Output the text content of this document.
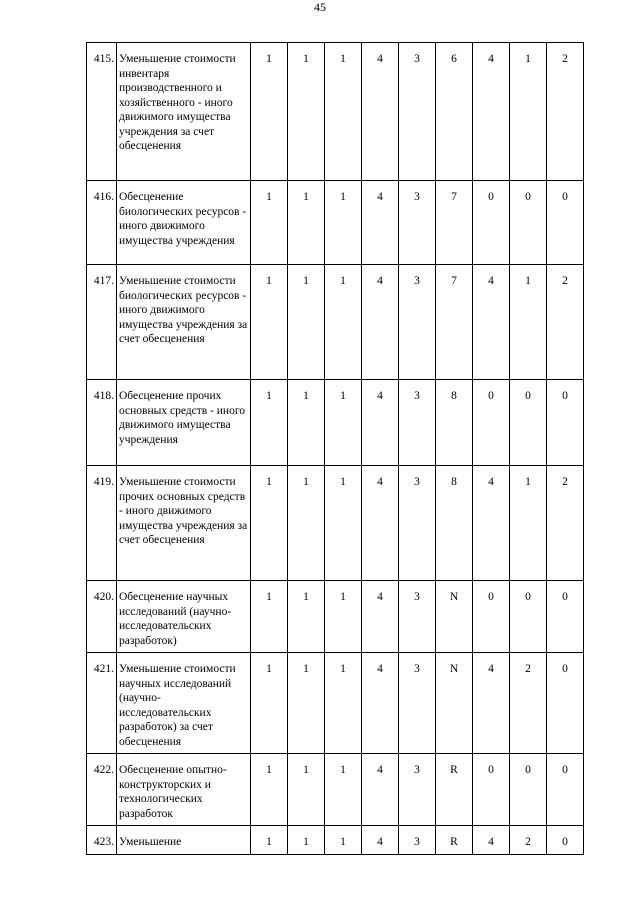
45
415.	Уменьшение стоимости инвентаря производственного и хозяйственного - иного движимого имущества учреждения за счет обесценения	1	1	1	4	3	6	4	1	2
416.	Обесценение биологических ресурсов - иного движимого имущества учреждения	1	1	1	4	3	7	0	0	0
417.	Уменьшение стоимости биологических ресурсов - иного движимого имущества учреждения за счет обесценения	1	1	1	4	3	7	4	1	2
418.	Обесценение прочих основных средств - иного движимого имущества учреждения	1	1	1	4	3	8	0	0	0
419.	Уменьшение стоимости прочих основных средств - иного движимого имущества учреждения за счет обесценения	1	1	1	4	3	8	4	1	2
420.	Обесценение научных исследований (научно-исследовательских разработок)	1	1	1	4	3	N	0	0	0
421.	Уменьшение стоимости научных исследований (научно-исследовательских разработок) за счет обесценения	1	1	1	4	3	N	4	2	0
422.	Обесценение опытно-конструкторских и технологических разработок	1	1	1	4	3	R	0	0	0
423.	Уменьшение	1	1	1	4	3	R	4	2	0
